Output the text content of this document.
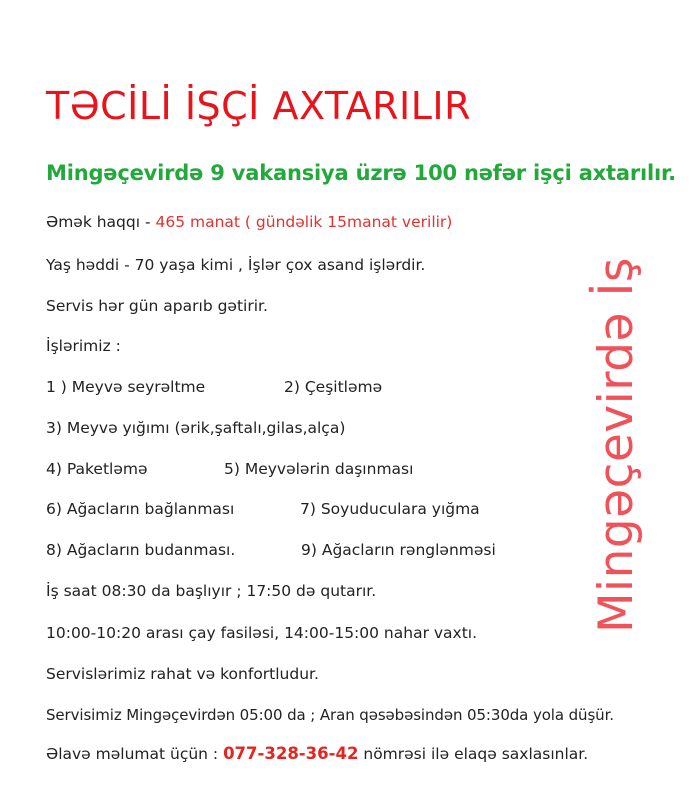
TƏCİLİ İŞÇİ AXTARILIR
Mingəçevirdə 9 vakansiya üzrə 100 nəfər işçi axtarılır.
Əmək haqqı - 465 manat ( gündəlik 15manat verilir)
Yaş həddi - 70 yaşa kimi , İşlər çox asand işlərdir.
Servis hər gün aparıb gətirir.
İşlərimiz :
1 ) Meyvə seyrəltme	2) Çeşitləmə
3) Meyvə yığımı (ərik,şaftalı,gilas,alça)
4) Paketləmə	5) Meyvələrin daşınması
6) Ağacların bağlanması	7) Soyuduculara yığma
8) Ağacların budanması.	9) Ağacların rənglənməsi
İş saat 08:30 da başlıyır ; 17:50 də qutarır.
10:00-10:20 arası çay fasiləsi, 14:00-15:00 nahar vaxtı.
Servislərimiz rahat və konfortludur.
Servisimiz Mingəçevirdən 05:00 da ; Aran qəsəbəsindən 05:30da yola düşür.
Əlavə məlumat üçün : 077-328-36-42 nömrəsi ilə elaqə saxlasınlar.
Mingəçevirdə İş
